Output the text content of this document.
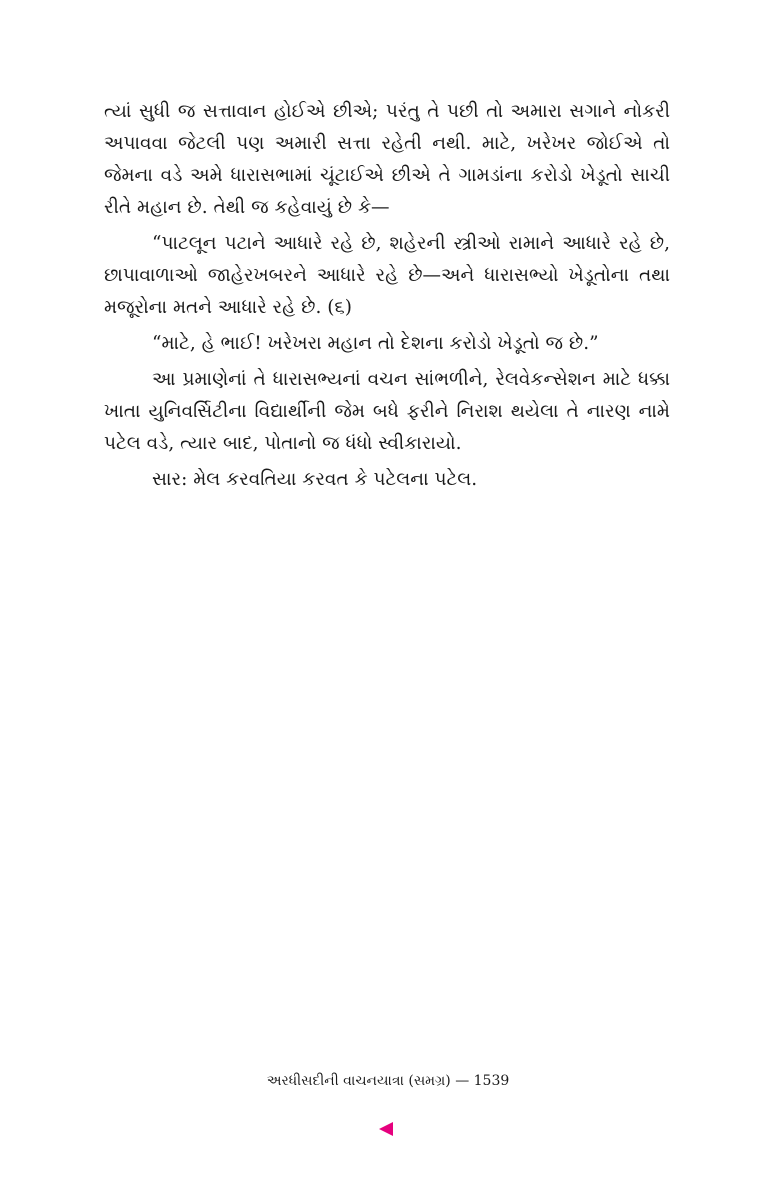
ત્યાં સુધી જ સત્તાવાન હોઈએ છીએ; પરંતુ તે પછી તો અમારા સગાને નોકરી અપાવવા જેટલી પણ અમારી સત્તા રહેતી નથી. માટે, ખરેખર જોઈએ તો જેમના વડે અમે ધારાસભામાં ચૂંટાઈએ છીએ તે ગામડાંના કરોડો ખેડૂતો સાચી રીતે મહાન છે. તેથી જ કહેવાયું છે કે—

“પાટલૂન પટાને આધારે રહે છે, શહેરની સ્ત્રીઓ રામાને આધારે રહે છે, છાપાવાળાઓ જાહેરખબરને આધારે રહે છે—અને ધારાસભ્યો ખેડૂતોના તથા મજૂરોના મતને આધારે રહે છે. (૬)

“માટે, હે ભાઈ! ખરેખરા મહાન તો દેશના કરોડો ખેડૂતો જ છે.”

આ પ્રમાણેનાં તે ધારાસભ્યનાં વચન સાંભળીને, રેલવેકન્સેશન માટે ધક્કા ખાતા યુનિવર્સિટીના વિદ્યાર્થીની જેમ બધે ફરીને નિરાશ થયેલા તે નારણ નામે પટેલ વડે, ત્યાર બાદ, પોતાનો જ ધંધો સ્વીકારાયો.

સાર: મેલ કરવતિયા કરવત કે પટેલના પટેલ.

અરધીસદીની વાચનયાત્રા (સમગ્ર) — 1539
